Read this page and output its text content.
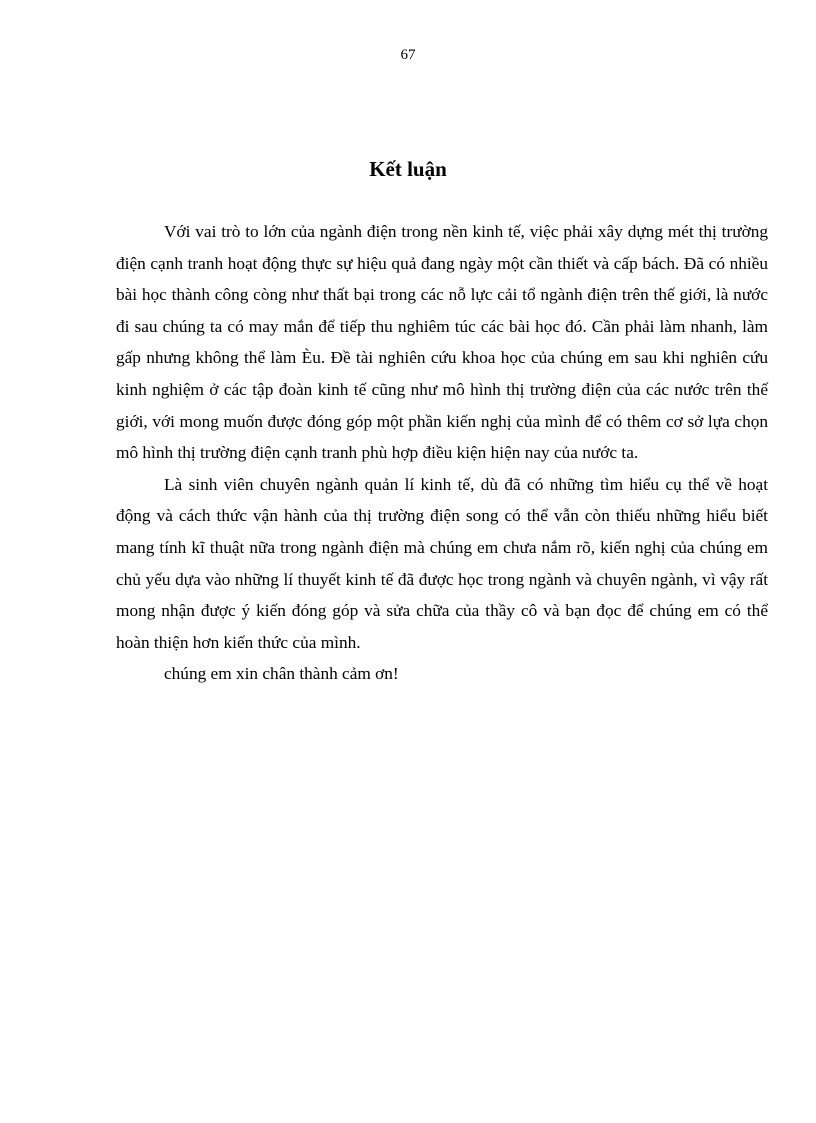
67
Kết luận

Với vai trò to lớn của ngành điện trong nền kinh tế, việc phải xây dựng mét thị trường điện cạnh tranh hoạt động thực sự hiệu quả đang ngày một cần thiết và cấp bách. Đã có nhiều bài học thành công còng như thất bại trong các nỗ lực cải tổ ngành điện trên thế giới, là nước đi sau chúng ta có may mắn để tiếp thu nghiêm túc các bài học đó. Cần phải làm nhanh, làm gấp nhưng không thể làm Èu. Đề tài nghiên cứu khoa học của chúng em sau khi nghiên cứu kinh nghiệm ở các tập đoàn kinh tế cũng như mô hình thị trường điện của các nước trên thế giới, với mong muốn được đóng góp một phần kiến nghị của mình để có thêm cơ sở lựa chọn mô hình thị trường điện cạnh tranh phù hợp điều kiện hiện nay của nước ta.

Là sinh viên chuyên ngành quản lí kinh tế, dù đã có những tìm hiểu cụ thể về hoạt động và cách thức vận hành của thị trường điện song có thể vẫn còn thiếu những hiểu biết mang tính kĩ thuật nữa trong ngành điện mà chúng em chưa nắm rõ, kiến nghị của chúng em chủ yếu dựa vào những lí thuyết kinh tế đã được học trong ngành và chuyên ngành, vì vậy rất mong nhận được ý kiến đóng góp và sửa chữa của thầy cô và bạn đọc để chúng em có thể hoàn thiện hơn kiến thức của mình.

chúng em xin chân thành cảm ơn!
